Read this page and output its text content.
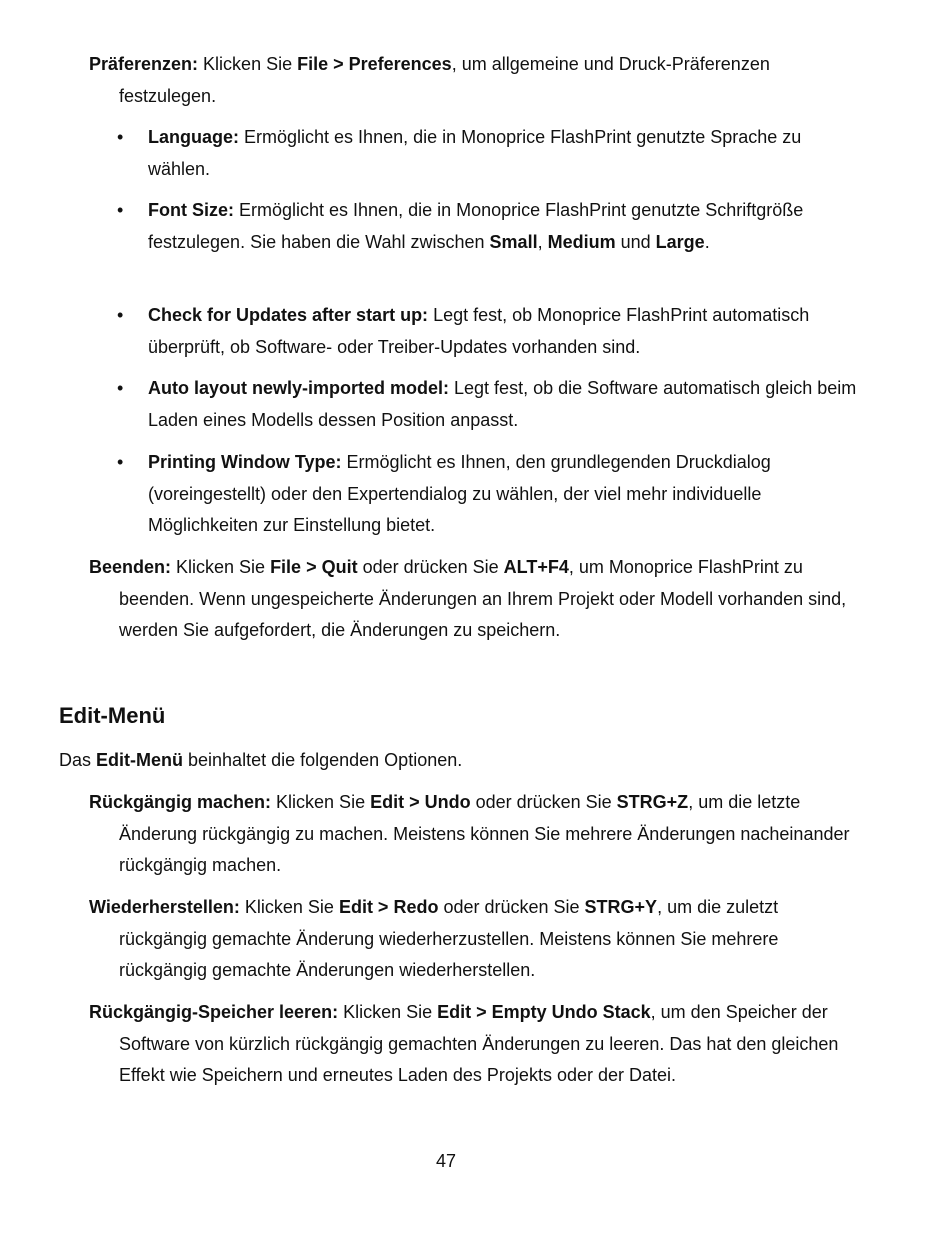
Präferenzen: Klicken Sie File > Preferences, um allgemeine und Druck-Präferenzen festzulegen.

•	Language: Ermöglicht es Ihnen, die in Monoprice FlashPrint genutzte Sprache zu wählen.
•	Font Size: Ermöglicht es Ihnen, die in Monoprice FlashPrint genutzte Schriftgröße festzulegen. Sie haben die Wahl zwischen Small, Medium und Large.
•	Check for Updates after start up: Legt fest, ob Monoprice FlashPrint automatisch überprüft, ob Software- oder Treiber-Updates vorhanden sind.
•	Auto layout newly-imported model: Legt fest, ob die Software automatisch gleich beim Laden eines Modells dessen Position anpasst.
•	Printing Window Type: Ermöglicht es Ihnen, den grundlegenden Druckdialog (voreingestellt) oder den Expertendialog zu wählen, der viel mehr individuelle Möglichkeiten zur Einstellung bietet.

Beenden: Klicken Sie File > Quit oder drücken Sie ALT+F4, um Monoprice FlashPrint zu beenden. Wenn ungespeicherte Änderungen an Ihrem Projekt oder Modell vorhanden sind, werden Sie aufgefordert, die Änderungen zu speichern.

Edit-Menü

Das Edit-Menü beinhaltet die folgenden Optionen.

Rückgängig machen: Klicken Sie Edit > Undo oder drücken Sie STRG+Z, um die letzte Änderung rückgängig zu machen. Meistens können Sie mehrere Änderungen nacheinander rückgängig machen.

Wiederherstellen: Klicken Sie Edit > Redo oder drücken Sie STRG+Y, um die zuletzt rückgängig gemachte Änderung wiederherzustellen. Meistens können Sie mehrere rückgängig gemachte Änderungen wiederherstellen.

Rückgängig-Speicher leeren: Klicken Sie Edit > Empty Undo Stack, um den Speicher der Software von kürzlich rückgängig gemachten Änderungen zu leeren. Das hat den gleichen Effekt wie Speichern und erneutes Laden des Projekts oder der Datei.

47
